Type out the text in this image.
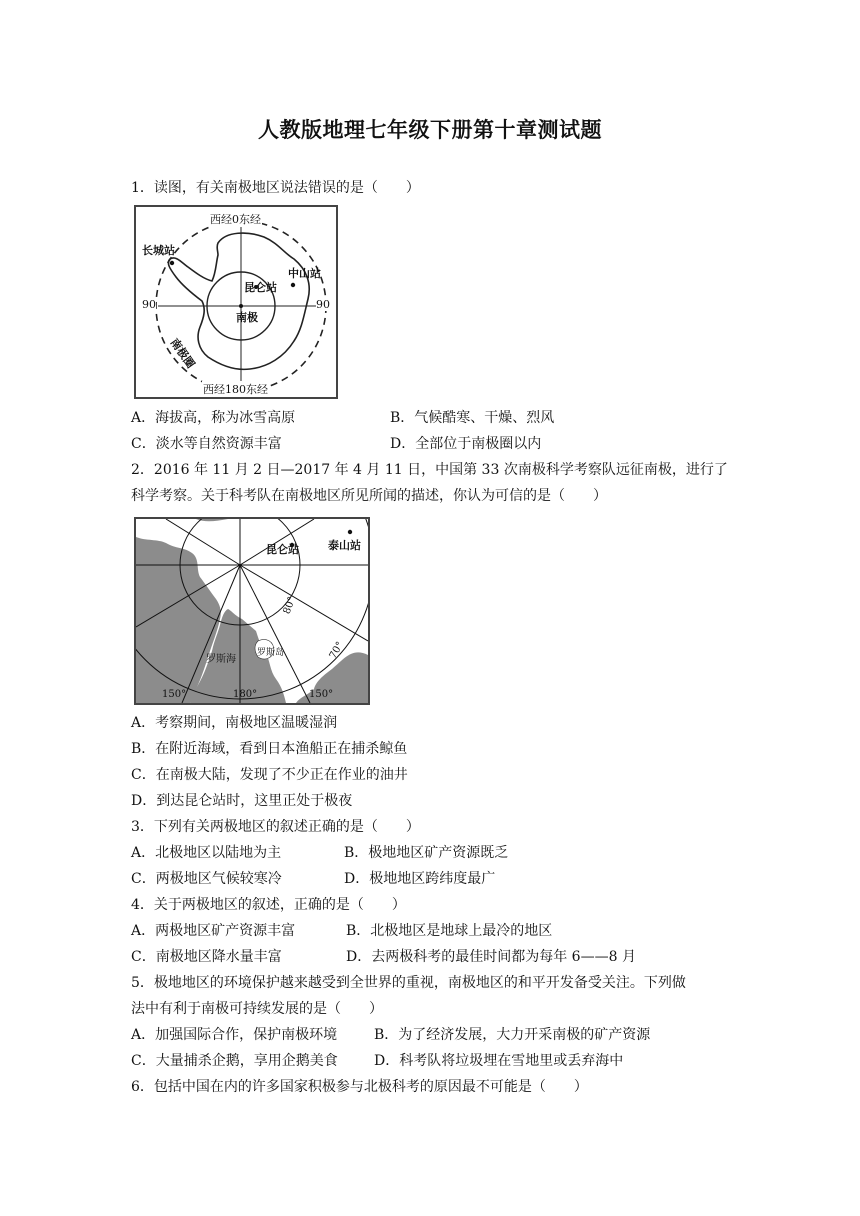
人教版地理七年级下册第十章测试题
1．读图，有关南极地区说法错误的是（　　）
西经0东经
西经180东经
90	90
长城站
中山站
昆仑站
南极
南极圈
A．海拔高，称为冰雪高原	B．气候酷寒、干燥、烈风
C．淡水等自然资源丰富	D．全部位于南极圈以内
2．2016 年 11 月 2 日—2017 年 4 月 11 日，中国第 33 次南极科学考察队远征南极，进行了
科学考察。关于科考队在南极地区所见所闻的描述，你认为可信的是（　　）
昆仑站	泰山站
罗斯海
罗斯岛
80°
70°
150°	180°	150°
A．考察期间，南极地区温暖湿润
B．在附近海域，看到日本渔船正在捕杀鲸鱼
C．在南极大陆，发现了不少正在作业的油井
D．到达昆仑站时，这里正处于极夜
3．下列有关两极地区的叙述正确的是（　　）
A．北极地区以陆地为主	B．极地地区矿产资源既乏
C．两极地区气候较寒冷	D．极地地区跨纬度最广
4．关于两极地区的叙述，正确的是（　　）
A．两极地区矿产资源丰富	B．北极地区是地球上最冷的地区
C．南极地区降水量丰富	D．去两极科考的最佳时间都为每年 6——8 月
5．极地地区的环境保护越来越受到全世界的重视，南极地区的和平开发备受关注。下列做
法中有利于南极可持续发展的是（　　）
A．加强国际合作，保护南极环境	B．为了经济发展，大力开采南极的矿产资源
C．大量捕杀企鹅，享用企鹅美食	D．科考队将垃圾埋在雪地里或丢弃海中
6．包括中国在内的许多国家积极参与北极科考的原因最不可能是（　　）
